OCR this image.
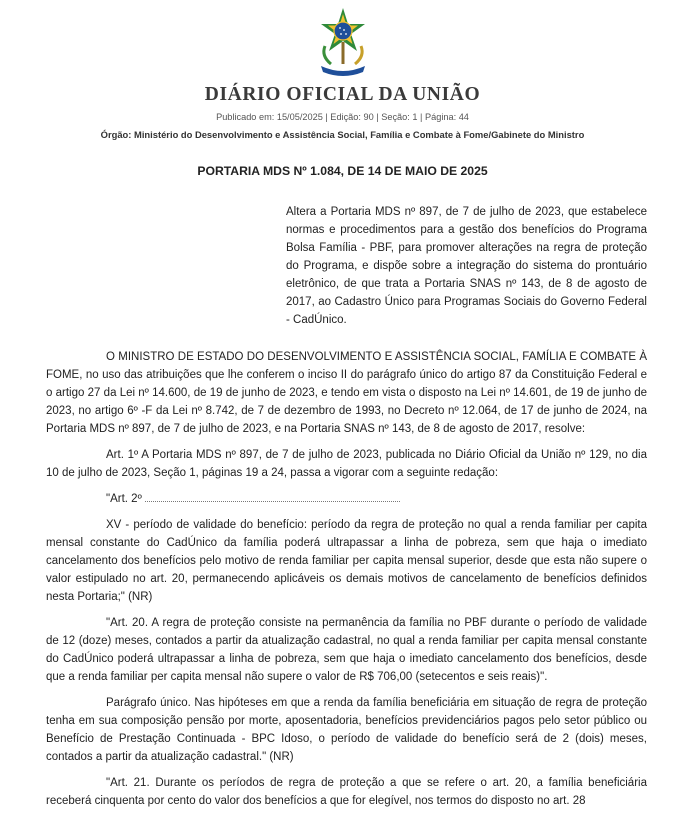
DIÁRIO OFICIAL DA UNIÃO
Publicado em: 15/05/2025 | Edição: 90 | Seção: 1 | Página: 44
Órgão: Ministério do Desenvolvimento e Assistência Social, Família e Combate à Fome/Gabinete do Ministro
PORTARIA MDS Nº 1.084, DE 14 DE MAIO DE 2025
Altera a Portaria MDS nº 897, de 7 de julho de 2023, que estabelece normas e procedimentos para a gestão dos benefícios do Programa Bolsa Família - PBF, para promover alterações na regra de proteção do Programa, e dispõe sobre a integração do sistema do prontuário eletrônico, de que trata a Portaria SNAS nº 143, de 8 de agosto de 2017, ao Cadastro Único para Programas Sociais do Governo Federal - CadÚnico.

O MINISTRO DE ESTADO DO DESENVOLVIMENTO E ASSISTÊNCIA SOCIAL, FAMÍLIA E COMBATE À FOME, no uso das atribuições que lhe conferem o inciso II do parágrafo único do artigo 87 da Constituição Federal e o artigo 27 da Lei nº 14.600, de 19 de junho de 2023, e tendo em vista o disposto na Lei nº 14.601, de 19 de junho de 2023, no artigo 6º -F da Lei nº 8.742, de 7 de dezembro de 1993, no Decreto nº 12.064, de 17 de junho de 2024, na Portaria MDS nº 897, de 7 de julho de 2023, e na Portaria SNAS nº 143, de 8 de agosto de 2017, resolve:

Art. 1º A Portaria MDS nº 897, de 7 de julho de 2023, publicada no Diário Oficial da União nº 129, no dia 10 de julho de 2023, Seção 1, páginas 19 a 24, passa a vigorar com a seguinte redação:

"Art. 2º

XV - período de validade do benefício: período da regra de proteção no qual a renda familiar per capita mensal constante do CadÚnico da família poderá ultrapassar a linha de pobreza, sem que haja o imediato cancelamento dos benefícios pelo motivo de renda familiar per capita mensal superior, desde que esta não supere o valor estipulado no art. 20, permanecendo aplicáveis os demais motivos de cancelamento de benefícios definidos nesta Portaria;" (NR)

"Art. 20. A regra de proteção consiste na permanência da família no PBF durante o período de validade de 12 (doze) meses, contados a partir da atualização cadastral, no qual a renda familiar per capita mensal constante do CadÚnico poderá ultrapassar a linha de pobreza, sem que haja o imediato cancelamento dos benefícios, desde que a renda familiar per capita mensal não supere o valor de R$ 706,00 (setecentos e seis reais)".

Parágrafo único. Nas hipóteses em que a renda da família beneficiária em situação de regra de proteção tenha em sua composição pensão por morte, aposentadoria, benefícios previdenciários pagos pelo setor público ou Benefício de Prestação Continuada - BPC Idoso, o período de validade do benefício será de 2 (dois) meses, contados a partir da atualização cadastral." (NR)

"Art. 21. Durante os períodos de regra de proteção a que se refere o art. 20, a família beneficiária receberá cinquenta por cento do valor dos benefícios a que for elegível, nos termos do disposto no art. 28
